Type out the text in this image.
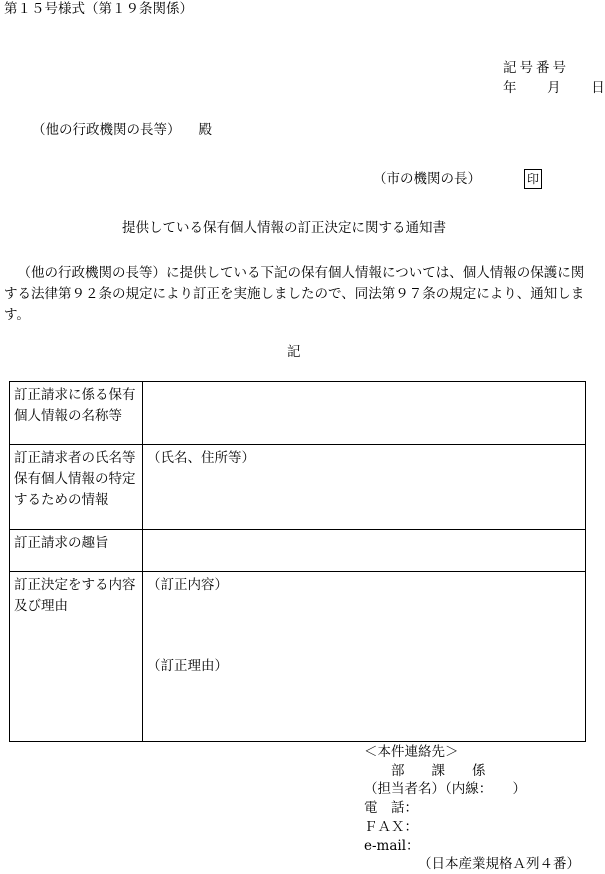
第１５号様式（第１９条関係）
記号番号
年 月 日
（他の行政機関の長等） 殿
（市の機関の長）	印
提供している保有個人情報の訂正決定に関する通知書

（他の行政機関の長等）に提供している下記の保有個人情報については、個人情報の保護に関する法律第９２条の規定により訂正を実施しましたので、同法第９７条の規定により、通知します。

記
訂正請求に係る保有個人情報の名称等	
訂正請求者の氏名等保有個人情報の特定するための情報	（氏名、住所等）
訂正請求の趣旨	
訂正決定をする内容及び理由	（訂正内容）
（訂正理由）
＜本件連絡先＞
　　部　　課　　係
（担当者名）（内線：　　）
電　話：
ＦＡＸ：
e-mail：
（日本産業規格Ａ列４番）
